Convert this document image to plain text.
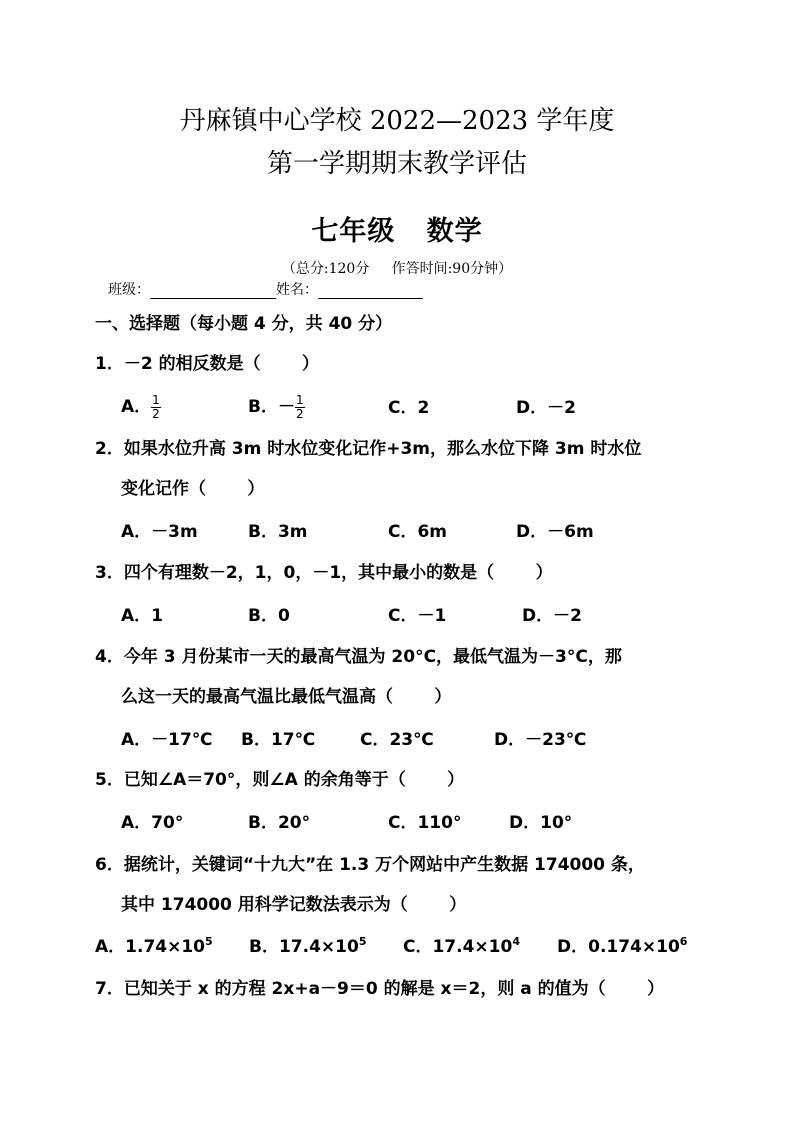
丹麻镇中心学校 2022—2023 学年度
第一学期期末教学评估
七年级   数学
（总分:120分     作答时间:90分钟）
班级：	姓名：
一、选择题（每小题 4 分，共 40 分）
1．－2 的相反数是（       ）
A． $\frac{1}{2}$	B．－ $\frac{1}{2}$	C．2	D．－2
2．如果水位升高 3m 时水位变化记作+3m，那么水位下降 3m 时水位
变化记作（       ）
A．－3m	B．3m	C．6m	D．－6m
3．四个有理数－2，1，0，－1，其中最小的数是（       ）
A．1	B．0	C．－1	D．－2
4．今年 3 月份某市一天的最高气温为 20°C，最低气温为－3°C，那
么这一天的最高气温比最低气温高（       ）
A．－17℃ B．17℃	C．23℃	D．－23℃
5．已知∠A＝70°，则∠A 的余角等于（       ）
A．70°	B．20°	C．110°	D．10°
6．据统计，关键词“十九大”在 1.3 万个网站中产生数据 174000 条，
其中 174000 用科学记数法表示为（       ）
A．$1.74\times 10^5$ B．$17.4\times 10^5$ C．$17.4\times 10^4$ D．$0.174\times 10^6$
7．已知关于 x 的方程 2x+a－9＝0 的解是 x＝2，则 a 的值为（       ）
